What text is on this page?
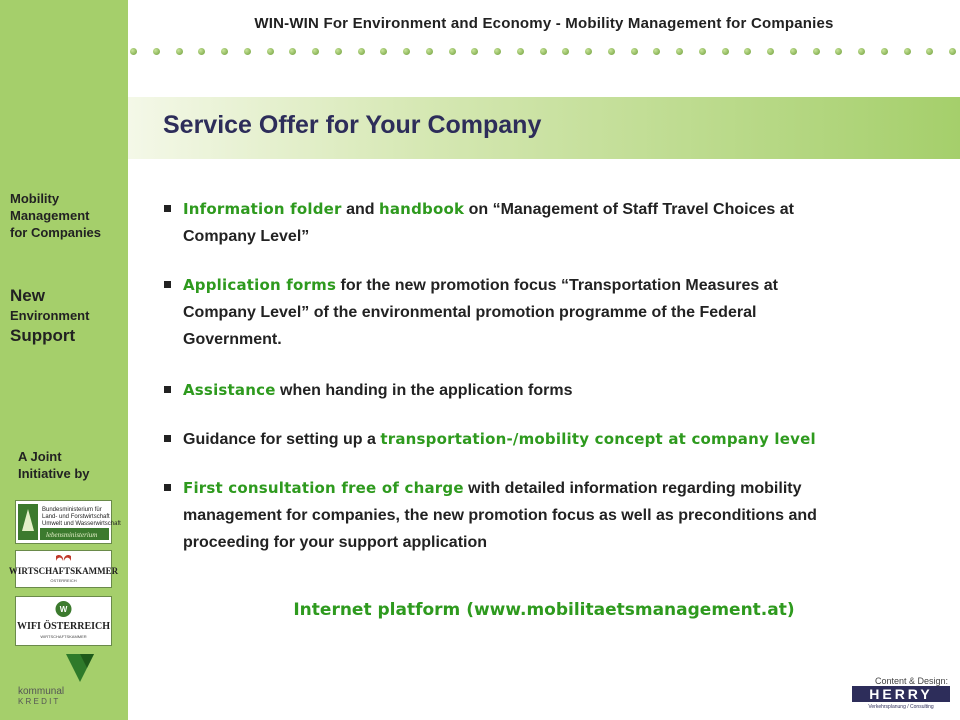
Mobility
Management
for Companies
New
Environment
Support
A Joint
Initiative by
Bundesministerium für
Land- und Forstwirtschaft
Umwelt und Wasserwirtschaft
lebensministerium
WIRTSCHAFTSKAMMER
ÖSTERREICH
W
WIFI ÖSTERREICH
WIRTSCHAFTSKAMMER
kommunal
K R E D I T
WIN-WIN For Environment and Economy - Mobility Management for Companies
Service Offer for Your Company
Information folder and handbook on “Management of Staff Travel Choices at
Company Level”
Application forms for the new promotion focus “Transportation Measures at
Company Level” of the environmental promotion programme of the Federal
Government.
Assistance when handing in the application forms
Guidance for setting up a transportation-/mobility concept at company level
First consultation free of charge with detailed information regarding mobility
management for companies, the new promotion focus as well as preconditions and
proceeding for your support application
Internet platform (www.mobilitaetsmanagement.at)
Content & Design:
HERRY
Verkehrsplanung / Consulting
